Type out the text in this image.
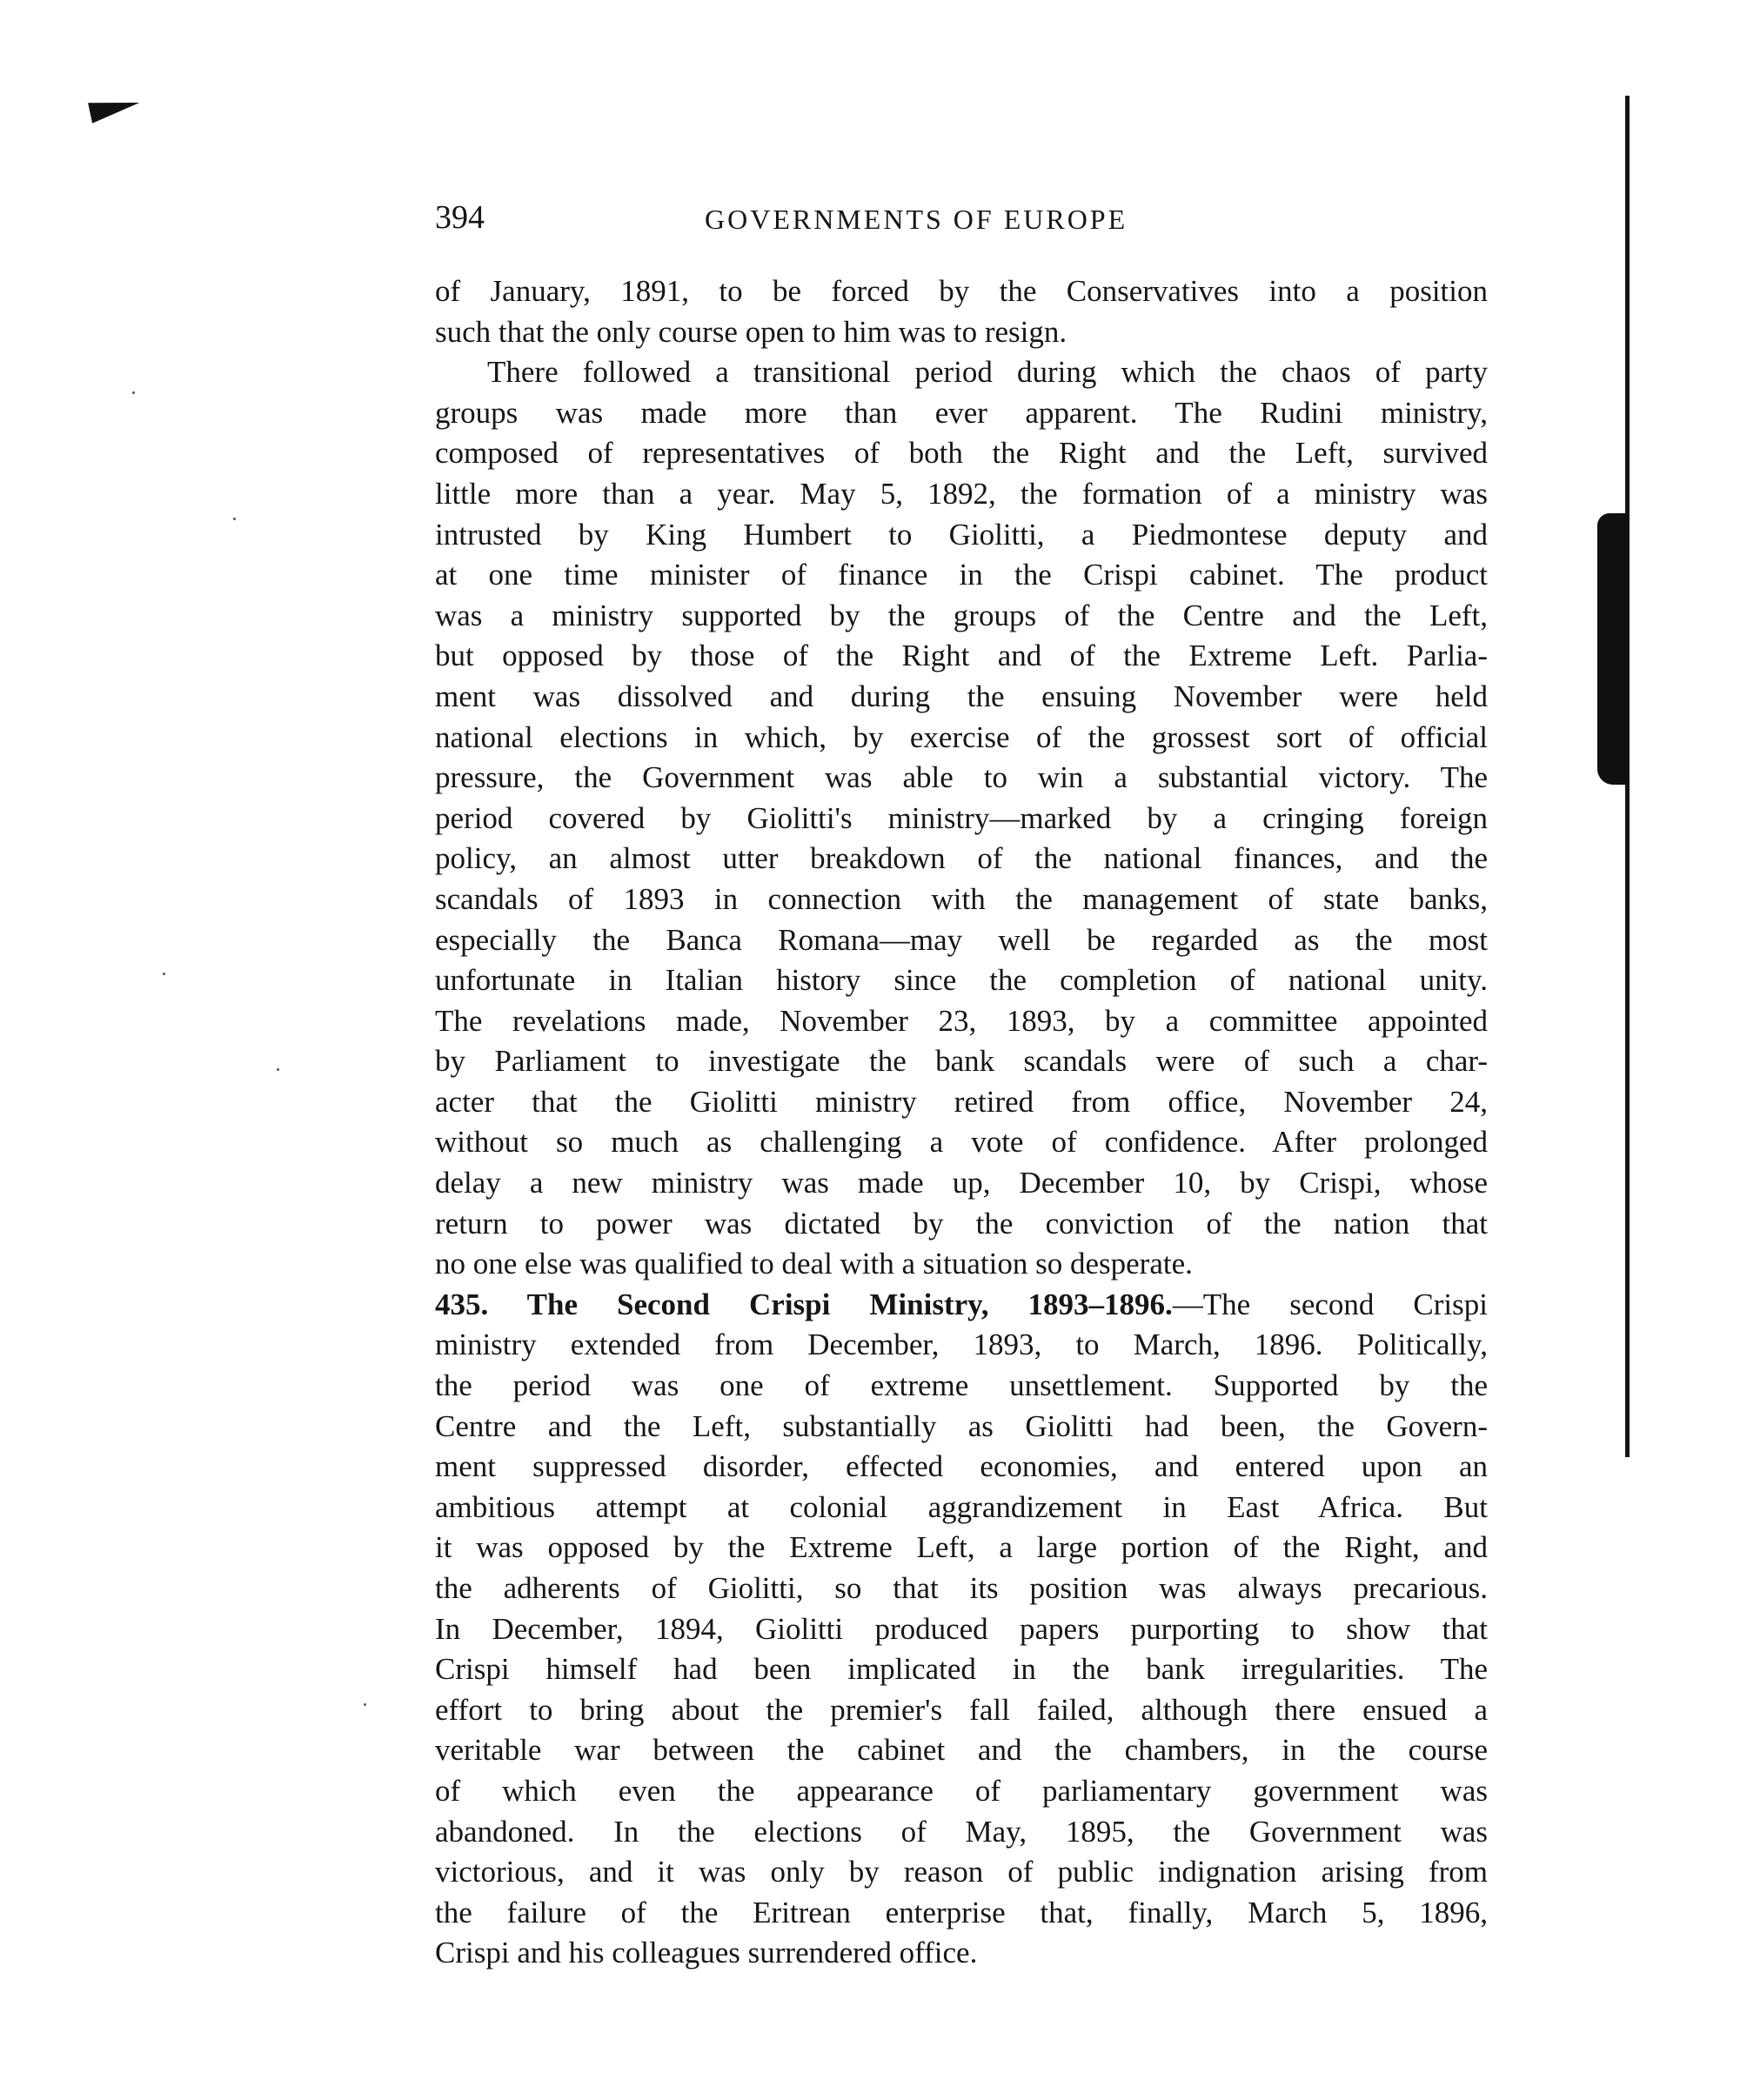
394	GOVERNMENTS OF EUROPE
of January, 1891, to be forced by the Conservatives into a position
such that the only course open to him was to resign.
There followed a transitional period during which the chaos of party
groups was made more than ever apparent. The Rudini ministry,
composed of representatives of both the Right and the Left, survived
little more than a year. May 5, 1892, the formation of a ministry was
intrusted by King Humbert to Giolitti, a Piedmontese deputy and
at one time minister of finance in the Crispi cabinet. The product
was a ministry supported by the groups of the Centre and the Left,
but opposed by those of the Right and of the Extreme Left. Parlia-
ment was dissolved and during the ensuing November were held
national elections in which, by exercise of the grossest sort of official
pressure, the Government was able to win a substantial victory. The
period covered by Giolitti's ministry—marked by a cringing foreign
policy, an almost utter breakdown of the national finances, and the
scandals of 1893 in connection with the management of state banks,
especially the Banca Romana—may well be regarded as the most
unfortunate in Italian history since the completion of national unity.
The revelations made, November 23, 1893, by a committee appointed
by Parliament to investigate the bank scandals were of such a char-
acter that the Giolitti ministry retired from office, November 24,
without so much as challenging a vote of confidence. After prolonged
delay a new ministry was made up, December 10, by Crispi, whose
return to power was dictated by the conviction of the nation that
no one else was qualified to deal with a situation so desperate.
435. The Second Crispi Ministry, 1893–1896.—The second Crispi
ministry extended from December, 1893, to March, 1896. Politically,
the period was one of extreme unsettlement. Supported by the
Centre and the Left, substantially as Giolitti had been, the Govern-
ment suppressed disorder, effected economies, and entered upon an
ambitious attempt at colonial aggrandizement in East Africa. But
it was opposed by the Extreme Left, a large portion of the Right, and
the adherents of Giolitti, so that its position was always precarious.
In December, 1894, Giolitti produced papers purporting to show that
Crispi himself had been implicated in the bank irregularities. The
effort to bring about the premier's fall failed, although there ensued a
veritable war between the cabinet and the chambers, in the course
of which even the appearance of parliamentary government was
abandoned. In the elections of May, 1895, the Government was
victorious, and it was only by reason of public indignation arising from
the failure of the Eritrean enterprise that, finally, March 5, 1896,
Crispi and his colleagues surrendered office.
